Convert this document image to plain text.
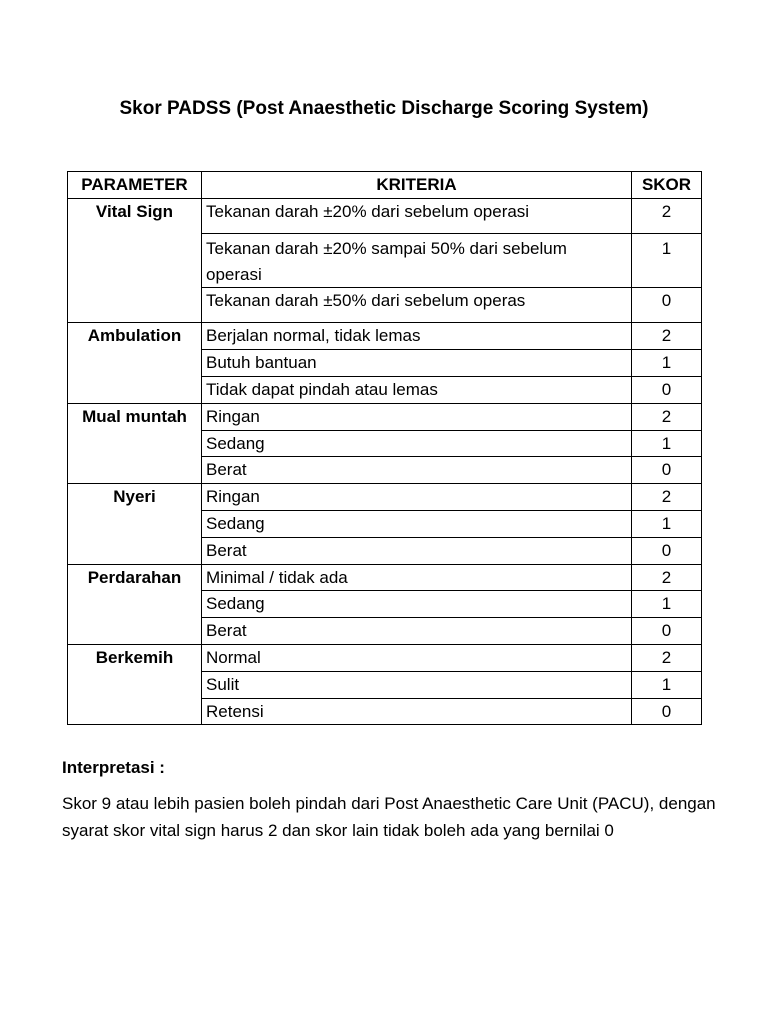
Skor PADSS (Post Anaesthetic Discharge Scoring System)
PARAMETER	KRITERIA	SKOR
Vital Sign	Tekanan darah ±20% dari sebelum operasi	2
	Tekanan darah ±20% sampai 50% dari sebelum operasi	1
	Tekanan darah ±50% dari sebelum operas	0
Ambulation	Berjalan normal, tidak lemas	2
	Butuh bantuan	1
	Tidak dapat pindah atau lemas	0
Mual muntah	Ringan	2
	Sedang	1
	Berat	0
Nyeri	Ringan	2
	Sedang	1
	Berat	0
Perdarahan	Minimal / tidak ada	2
	Sedang	1
	Berat	0
Berkemih	Normal	2
	Sulit	1
	Retensi	0
Interpretasi :
Skor 9 atau lebih pasien boleh pindah dari Post Anaesthetic Care Unit (PACU), dengan syarat skor vital sign harus 2 dan skor lain tidak boleh ada yang bernilai 0
